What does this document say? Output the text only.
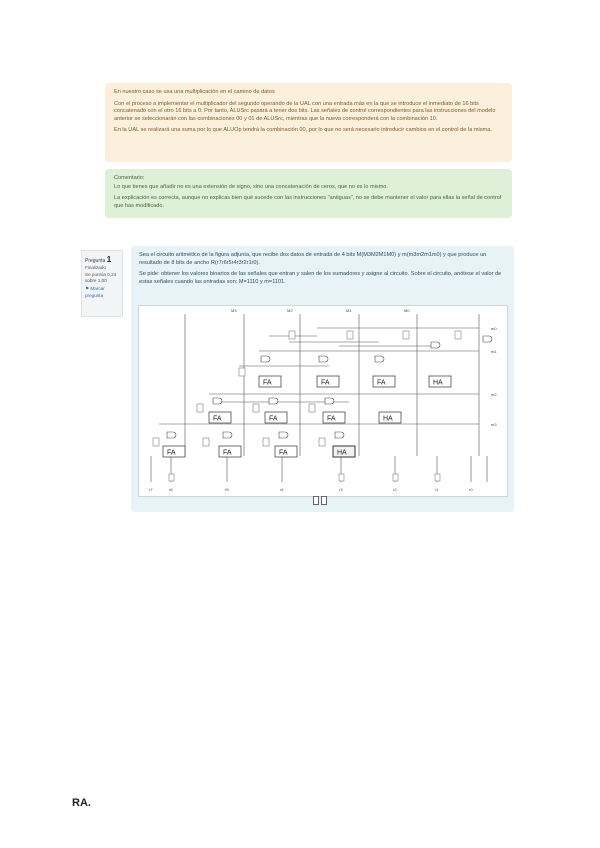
En nuestro caso se usa una multiplicación en el camino de datos

Con el proceso a implementar el multiplicador del segundo operando de la UAL con una entrada más en la que se introduce el inmediato de 16 bits concatenado con el otro 16 bits a 0. Por tanto, ALUSrc pasará a tener dos bits. Las señales de control correspondientes para las instrucciones del modelo anterior se seleccionarán con las combinaciones 00 y 01 de ALUSrc, mientras que la nueva corresponderá con la combinación 10.

En la UAL se realizará una suma por lo que ALUOp tendrá la combinación 00, por lo que no será necesario introducir cambios en el control de la misma.

Comentario:

Lo que tienes que añadir no es una extensión de signo, sino una concatenación de ceros, que no es lo mismo.

La explicación es correcta, aunque no explicas bien qué sucede con las instrucciones "antiguas", no se debe mantener el valor para ellas la señal de control que has modificado.

Pregunta 1
Finalizado
Se puntúa 0,24 sobre 1,00
⚑ Marcar pregunta

Sea el circuito aritmético de la figura adjunta, que recibe dos datos de entrada de 4 bits M(M3M2M1M0) y m(m3m2m1m0) y que produce un resultado de 8 bits de ancho R(r7r6r5r4r3r2r1r0).

Se pide: obtener los valores binarios de las señales que entran y salen de los sumadores y asigne al circuito. Sobre el circuito, anótese el valor de estas señales cuando las entradas son: M=1110 y m=1101.

FA	FA	FA	HA
FA	FA	FA	HA
FA	FA	FA	HA
M3	M2	M1	M0
m0
m1
m2
m3
r7	r6	r5	r4	r3	r2	r1	r0
RA.
